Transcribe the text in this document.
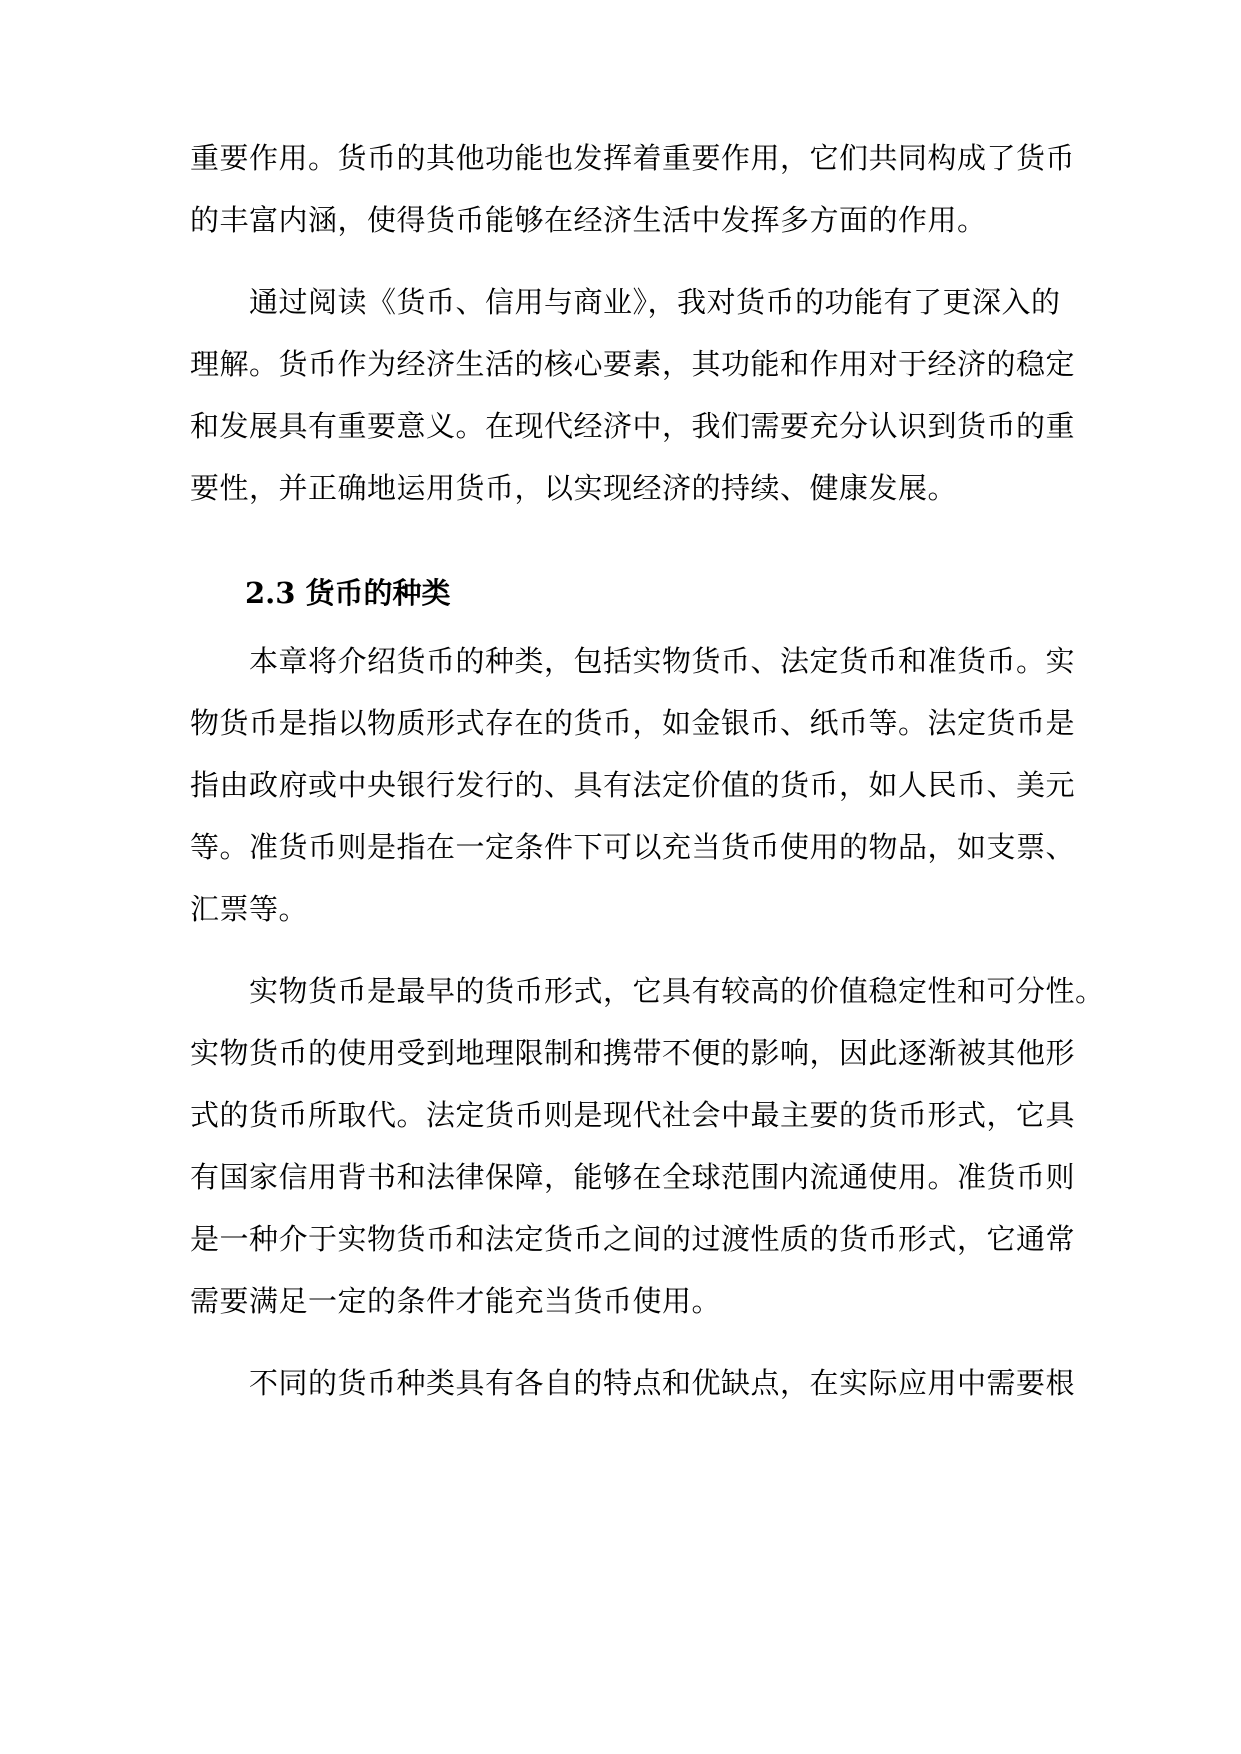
重要作用。货币的其他功能也发挥着重要作用，它们共同构成了货币
的丰富内涵，使得货币能够在经济生活中发挥多方面的作用。
　　通过阅读《货币、信用与商业》，我对货币的功能有了更深入的
理解。货币作为经济生活的核心要素，其功能和作用对于经济的稳定
和发展具有重要意义。在现代经济中，我们需要充分认识到货币的重
要性，并正确地运用货币，以实现经济的持续、健康发展。
2.3 货币的种类
　　本章将介绍货币的种类，包括实物货币、法定货币和准货币。实
物货币是指以物质形式存在的货币，如金银币、纸币等。法定货币是
指由政府或中央银行发行的、具有法定价值的货币，如人民币、美元
等。准货币则是指在一定条件下可以充当货币使用的物品，如支票、
汇票等。
　　实物货币是最早的货币形式，它具有较高的价值稳定性和可分性。
实物货币的使用受到地理限制和携带不便的影响，因此逐渐被其他形
式的货币所取代。法定货币则是现代社会中最主要的货币形式，它具
有国家信用背书和法律保障，能够在全球范围内流通使用。准货币则
是一种介于实物货币和法定货币之间的过渡性质的货币形式，它通常
需要满足一定的条件才能充当货币使用。
　　不同的货币种类具有各自的特点和优缺点，在实际应用中需要根
